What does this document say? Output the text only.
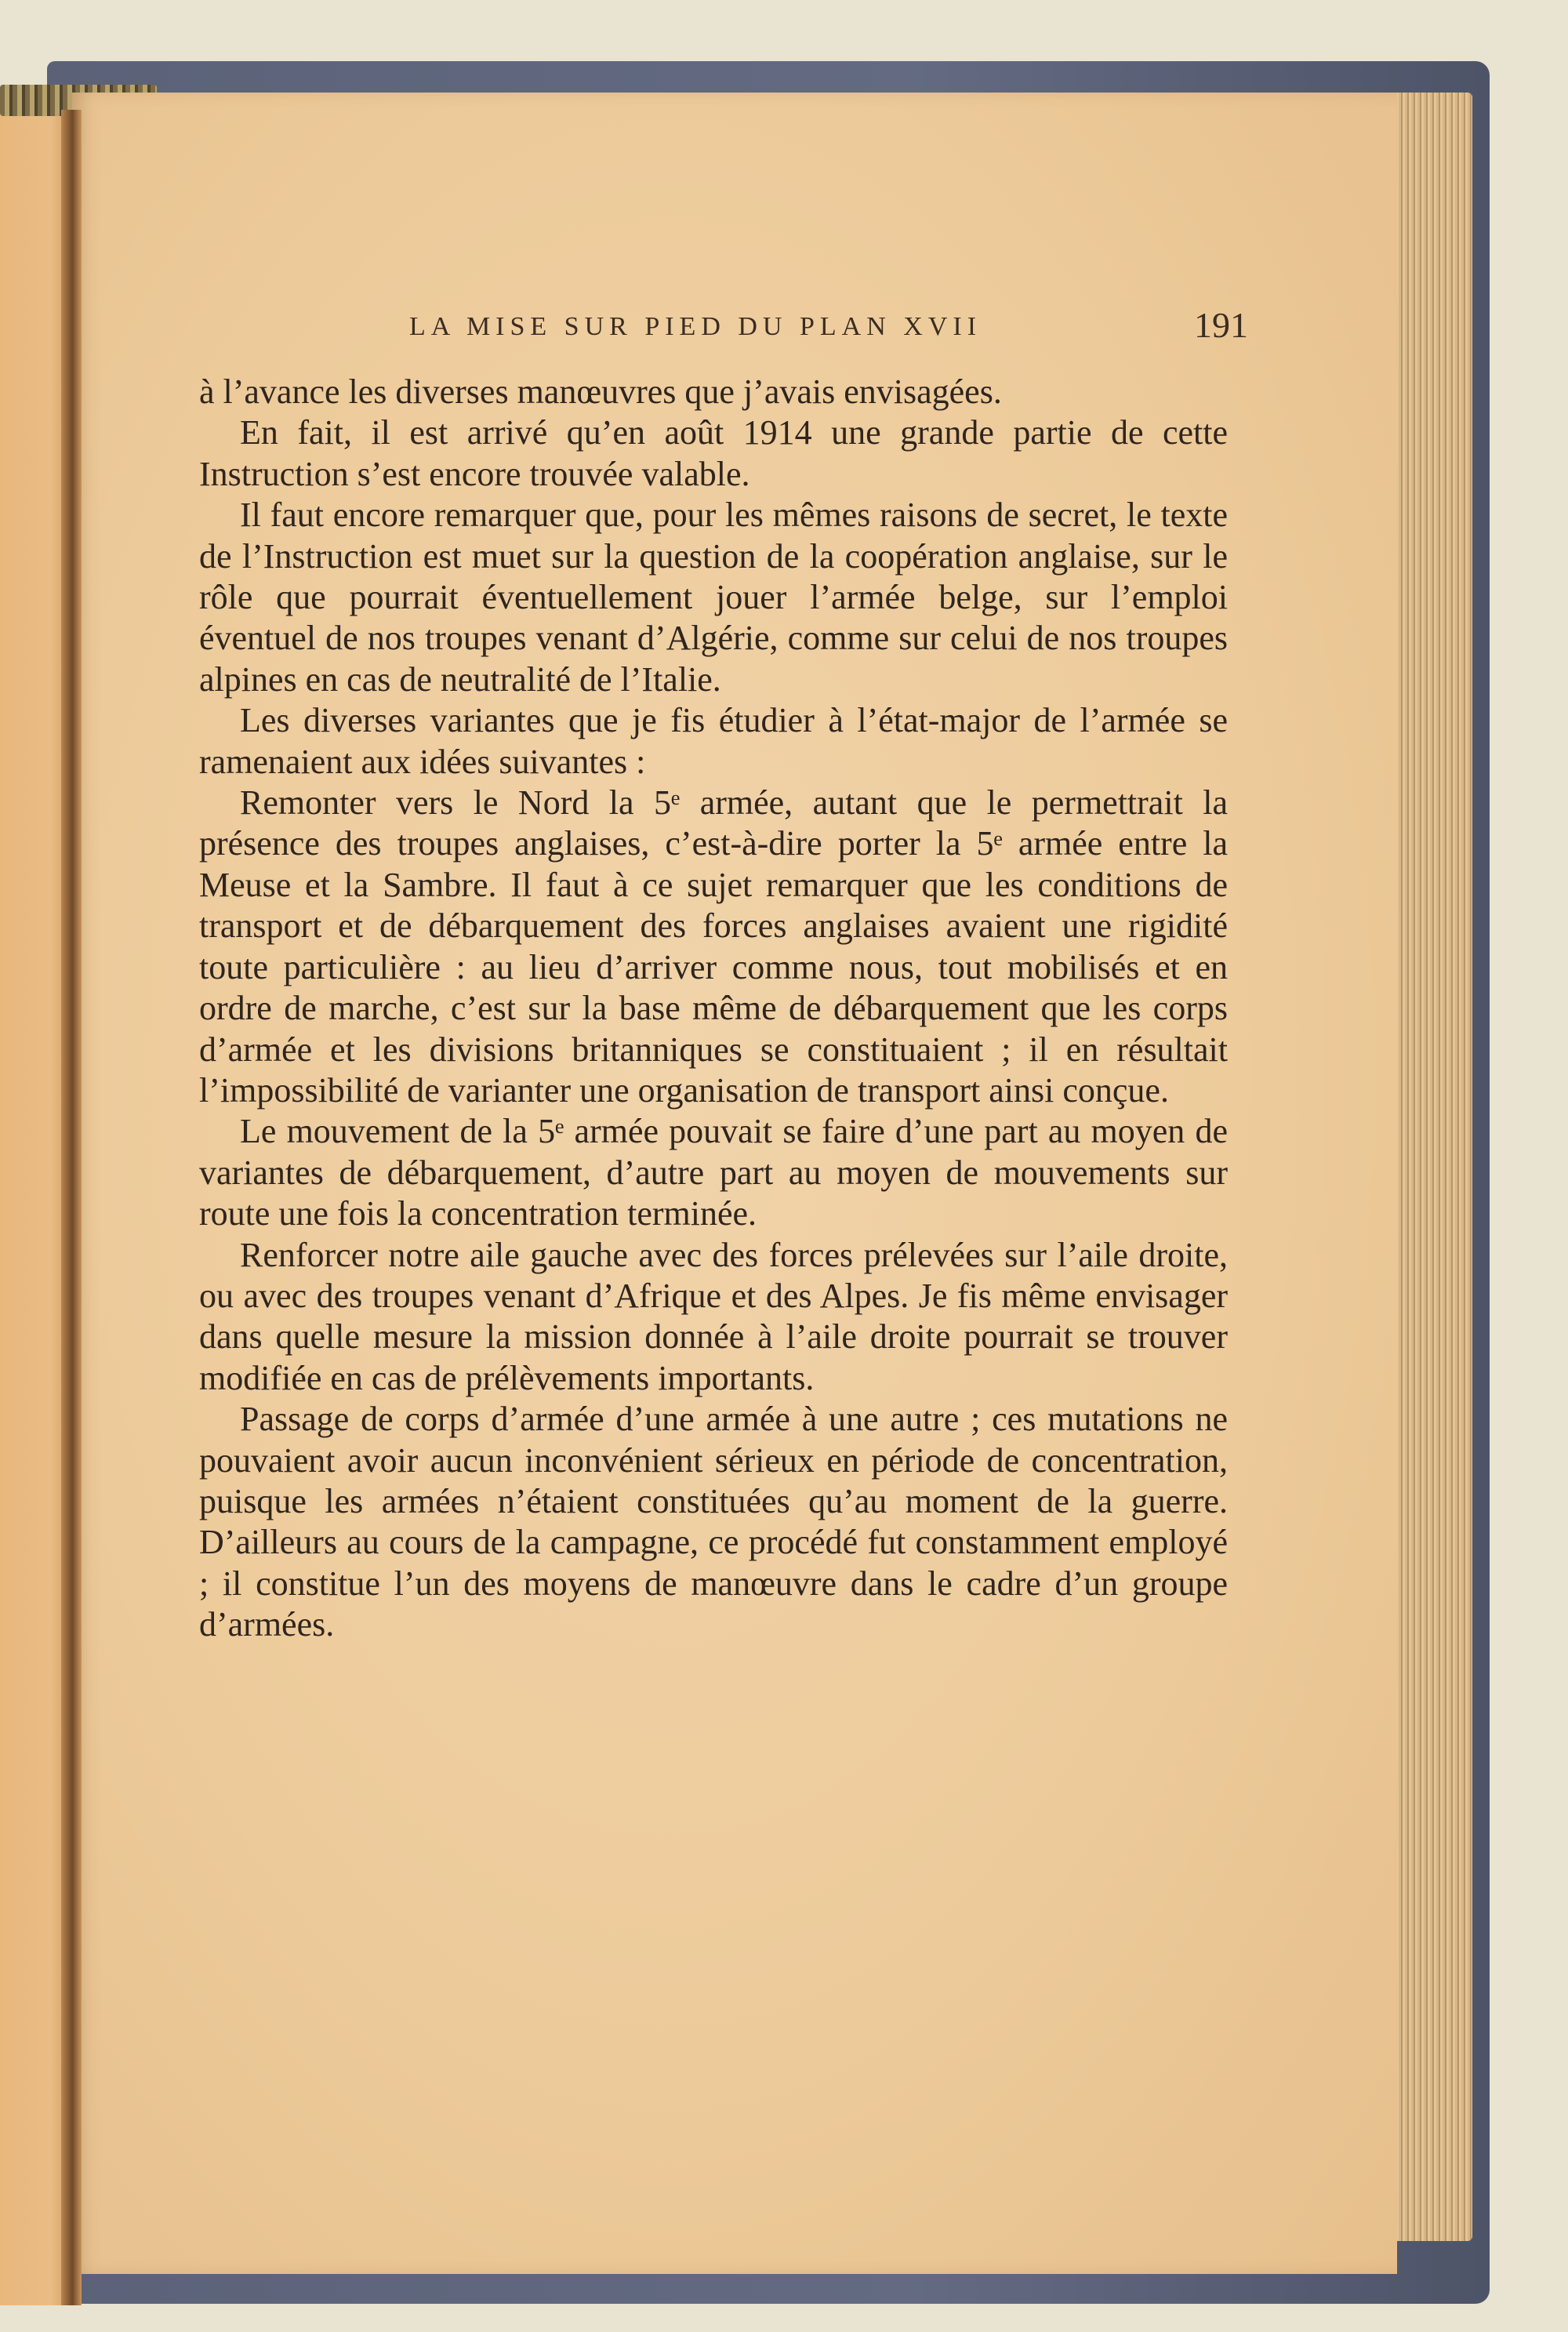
LA MISE SUR PIED DU PLAN XVII	191

à l’avance les diverses manœuvres que j’avais envisagées.

En fait, il est arrivé qu’en août 1914 une grande partie de cette Instruction s’est encore trouvée valable.

Il faut encore remarquer que, pour les mêmes raisons de secret, le texte de l’Instruction est muet sur la question de la coopération anglaise, sur le rôle que pourrait éventuellement jouer l’armée belge, sur l’emploi éventuel de nos troupes venant d’Algérie, comme sur celui de nos troupes alpines en cas de neutralité de l’Italie.

Les diverses variantes que je fis étudier à l’état-major de l’armée se ramenaient aux idées suivantes :

Remonter vers le Nord la 5ᵉ armée, autant que le permettrait la présence des troupes anglaises, c’est-à-dire porter la 5ᵉ armée entre la Meuse et la Sambre. Il faut à ce sujet remarquer que les conditions de transport et de débarquement des forces anglaises avaient une rigidité toute particulière : au lieu d’arriver comme nous, tout mobilisés et en ordre de marche, c’est sur la base même de débarquement que les corps d’armée et les divisions britanniques se constituaient ; il en résultait l’impossibilité de varianter une organisation de transport ainsi conçue.

Le mouvement de la 5ᵉ armée pouvait se faire d’une part au moyen de variantes de débarquement, d’autre part au moyen de mouvements sur route une fois la concentration terminée.

Renforcer notre aile gauche avec des forces prélevées sur l’aile droite, ou avec des troupes venant d’Afrique et des Alpes. Je fis même envisager dans quelle mesure la mission donnée à l’aile droite pourrait se trouver modifiée en cas de prélèvements importants.

Passage de corps d’armée d’une armée à une autre ; ces mutations ne pouvaient avoir aucun inconvénient sérieux en période de concentration, puisque les armées n’étaient constituées qu’au moment de la guerre. D’ailleurs au cours de la campagne, ce procédé fut constamment employé ; il constitue l’un des moyens de manœuvre dans le cadre d’un groupe d’armées.
